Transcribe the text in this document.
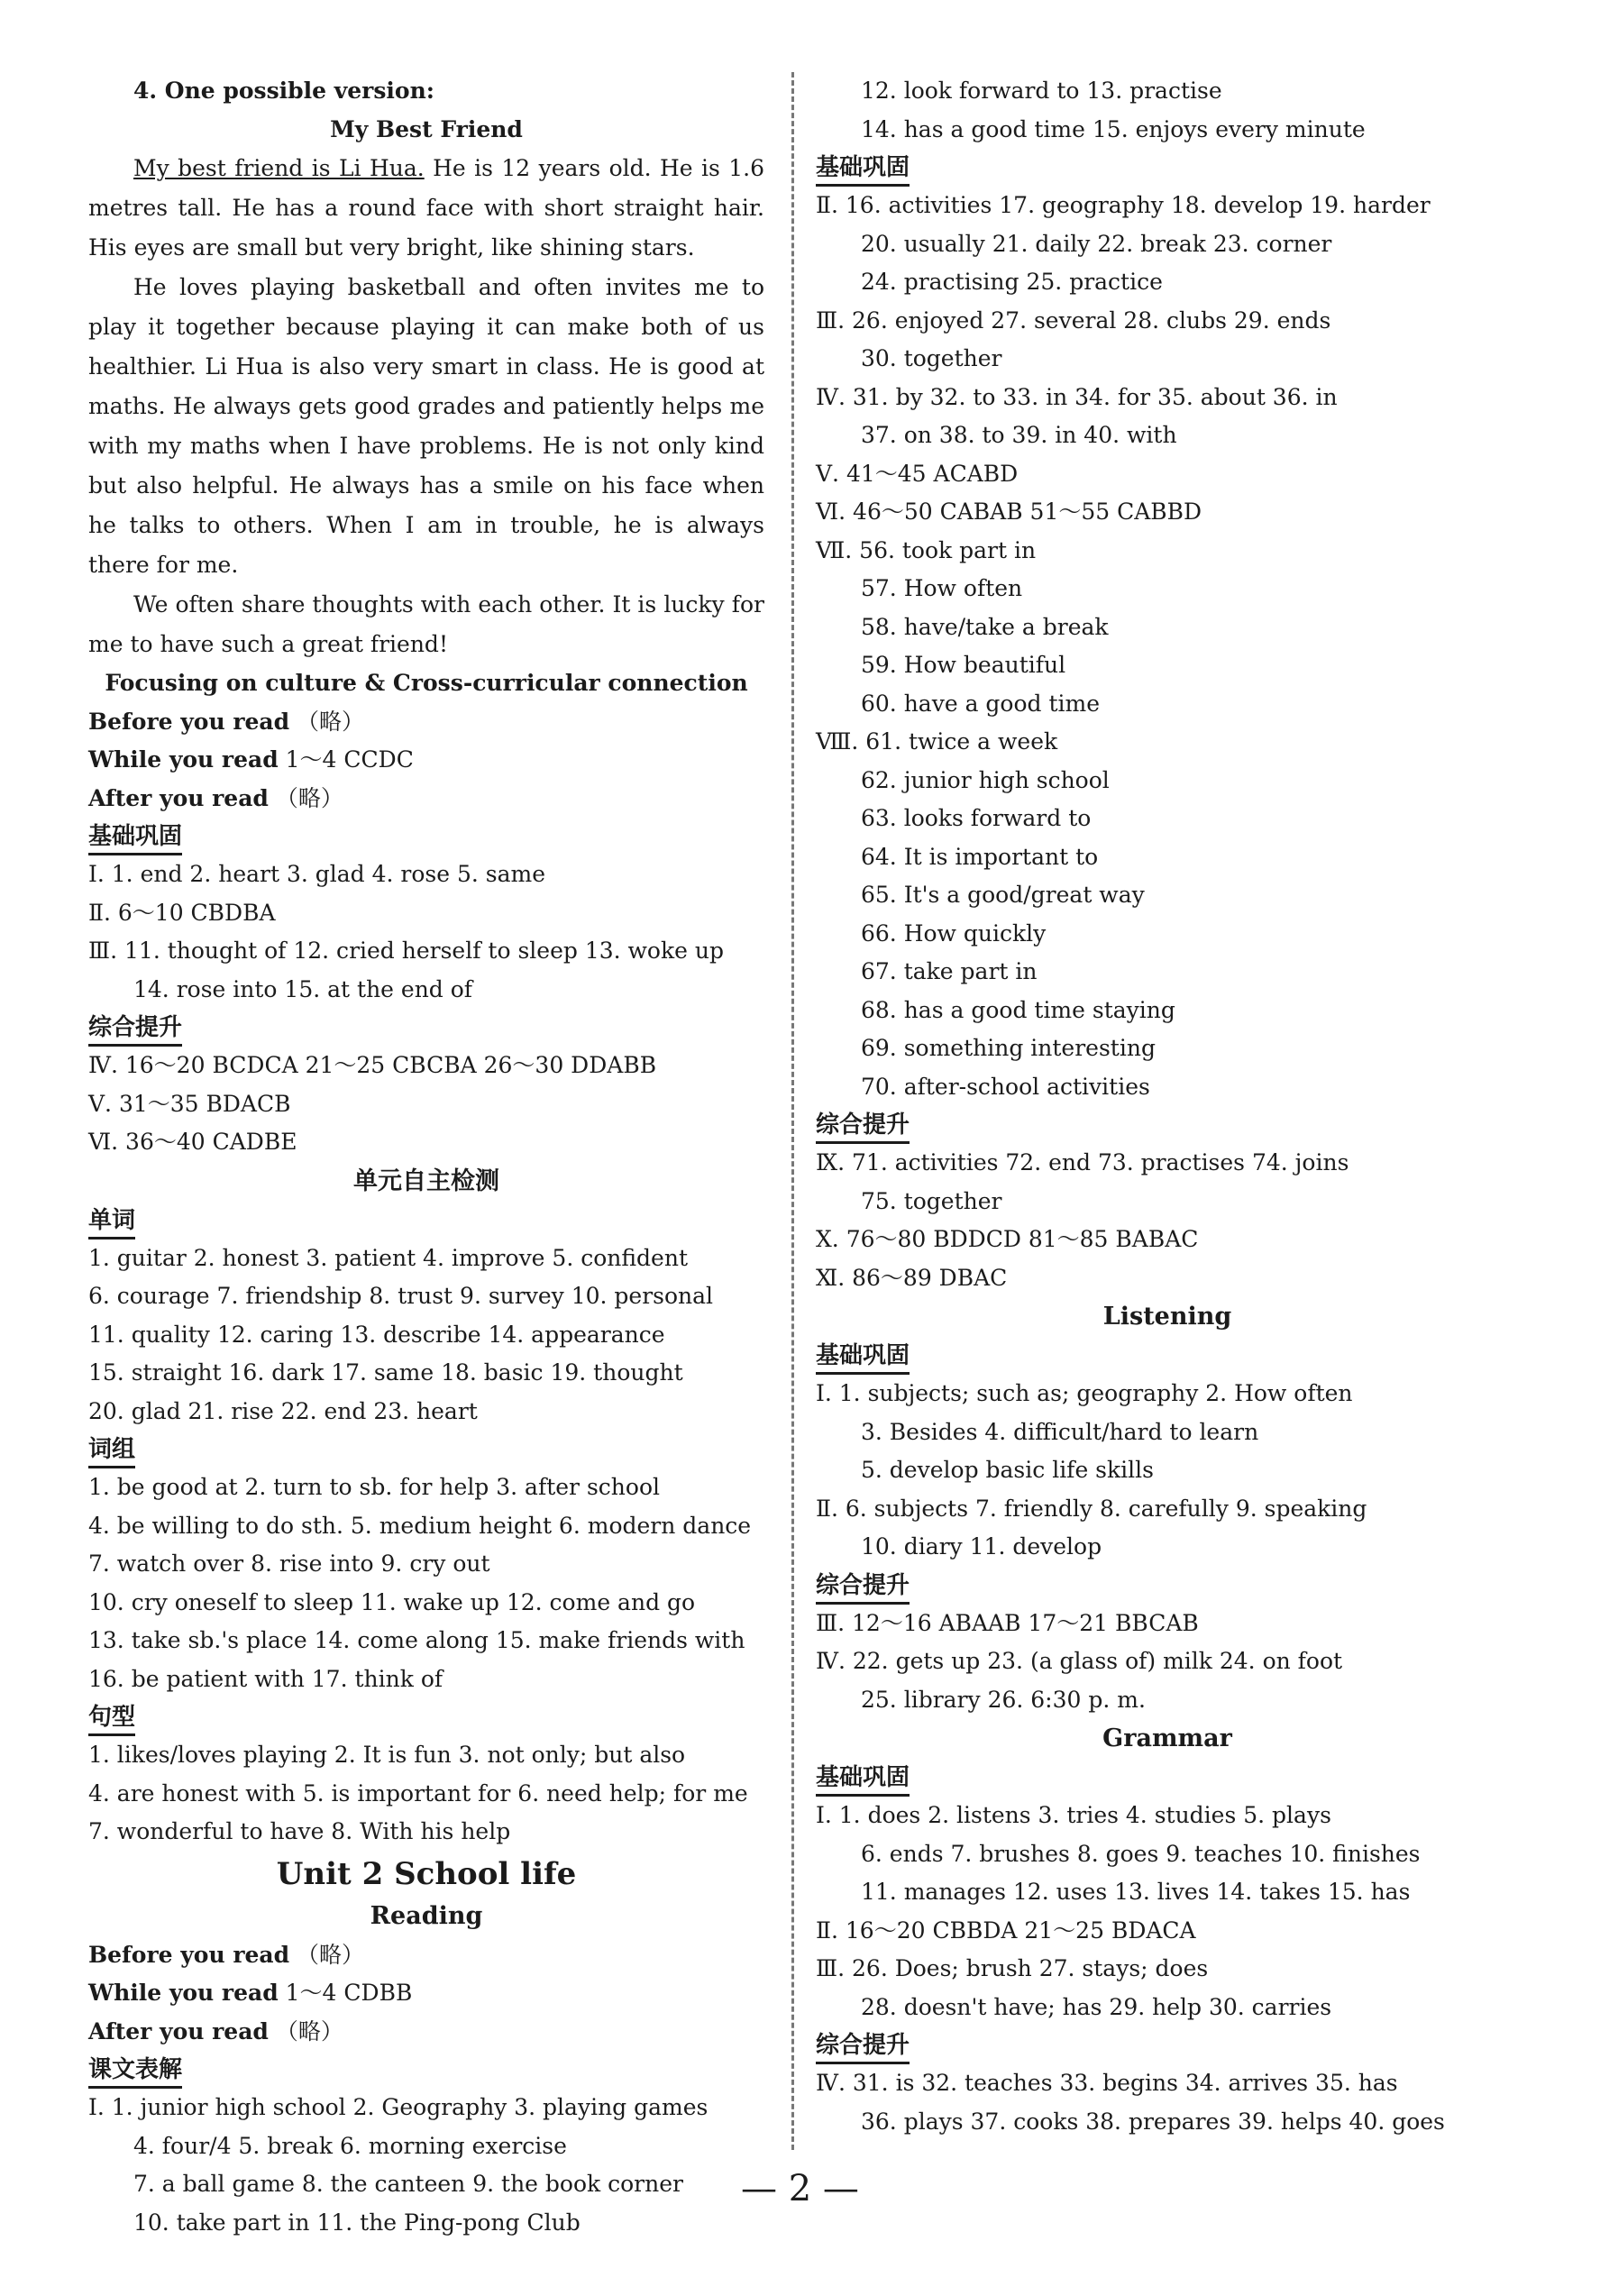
4. One possible version:
My Best Friend

My best friend is Li Hua. He is 12 years old. He is 1.6 metres tall. He has a round face with short straight hair. His eyes are small but very bright, like shining stars.

He loves playing basketball and often invites me to play it together because playing it can make both of us healthier. Li Hua is also very smart in class. He is good at maths. He always gets good grades and patiently helps me with my maths when I have problems. He is not only kind but also helpful. He always has a smile on his face when he talks to others. When I am in trouble, he is always there for me.

We often share thoughts with each other. It is lucky for me to have such a great friend!

Focusing on culture & Cross-curricular connection
Before you read （略）
While you read 1～4 CCDC
After you read （略）
基础巩固
Ⅰ. 1. end 2. heart 3. glad 4. rose 5. same
Ⅱ. 6～10 CBDBA
Ⅲ. 11. thought of 12. cried herself to sleep 13. woke up
14. rose into 15. at the end of
综合提升
Ⅳ. 16～20 BCDCA 21～25 CBCBA 26～30 DDABB
Ⅴ. 31～35 BDACB
Ⅵ. 36～40 CADBE
单元自主检测
单词
1. guitar 2. honest 3. patient 4. improve 5. confident
6. courage 7. friendship 8. trust 9. survey 10. personal
11. quality 12. caring 13. describe 14. appearance
15. straight 16. dark 17. same 18. basic 19. thought
20. glad 21. rise 22. end 23. heart
词组
1. be good at 2. turn to sb. for help 3. after school
4. be willing to do sth. 5. medium height 6. modern dance
7. watch over 8. rise into 9. cry out
10. cry oneself to sleep 11. wake up 12. come and go
13. take sb.'s place 14. come along 15. make friends with
16. be patient with 17. think of
句型
1. likes/loves playing 2. It is fun 3. not only; but also
4. are honest with 5. is important for 6. need help; for me
7. wonderful to have 8. With his help
Unit 2 School life
Reading
Before you read （略）
While you read 1～4 CDBB
After you read （略）
课文表解
Ⅰ. 1. junior high school 2. Geography 3. playing games
4. four/4 5. break 6. morning exercise
7. a ball game 8. the canteen 9. the book corner
10. take part in 11. the Ping-pong Club
12. look forward to 13. practise
14. has a good time 15. enjoys every minute
基础巩固
Ⅱ. 16. activities 17. geography 18. develop 19. harder
20. usually 21. daily 22. break 23. corner
24. practising 25. practice
Ⅲ. 26. enjoyed 27. several 28. clubs 29. ends
30. together
Ⅳ. 31. by 32. to 33. in 34. for 35. about 36. in
37. on 38. to 39. in 40. with
Ⅴ. 41～45 ACABD
Ⅵ. 46～50 CABAB 51～55 CABBD
Ⅶ. 56. took part in
57. How often
58. have/take a break
59. How beautiful
60. have a good time
Ⅷ. 61. twice a week
62. junior high school
63. looks forward to
64. It is important to
65. It's a good/great way
66. How quickly
67. take part in
68. has a good time staying
69. something interesting
70. after-school activities
综合提升
Ⅸ. 71. activities 72. end 73. practises 74. joins
75. together
Ⅹ. 76～80 BDDCD 81～85 BABAC
Ⅺ. 86～89 DBAC
Listening
基础巩固
Ⅰ. 1. subjects; such as; geography 2. How often
3. Besides 4. difficult/hard to learn
5. develop basic life skills
Ⅱ. 6. subjects 7. friendly 8. carefully 9. speaking
10. diary 11. develop
综合提升
Ⅲ. 12～16 ABAAB 17～21 BBCAB
Ⅳ. 22. gets up 23. (a glass of) milk 24. on foot
25. library 26. 6:30 p. m.
Grammar
基础巩固
Ⅰ. 1. does 2. listens 3. tries 4. studies 5. plays
6. ends 7. brushes 8. goes 9. teaches 10. finishes
11. manages 12. uses 13. lives 14. takes 15. has
Ⅱ. 16～20 CBBDA 21～25 BDACA
Ⅲ. 26. Does; brush 27. stays; does
28. doesn't have; has 29. help 30. carries
综合提升
Ⅳ. 31. is 32. teaches 33. begins 34. arrives 35. has
36. plays 37. cooks 38. prepares 39. helps 40. goes
— 2 —
